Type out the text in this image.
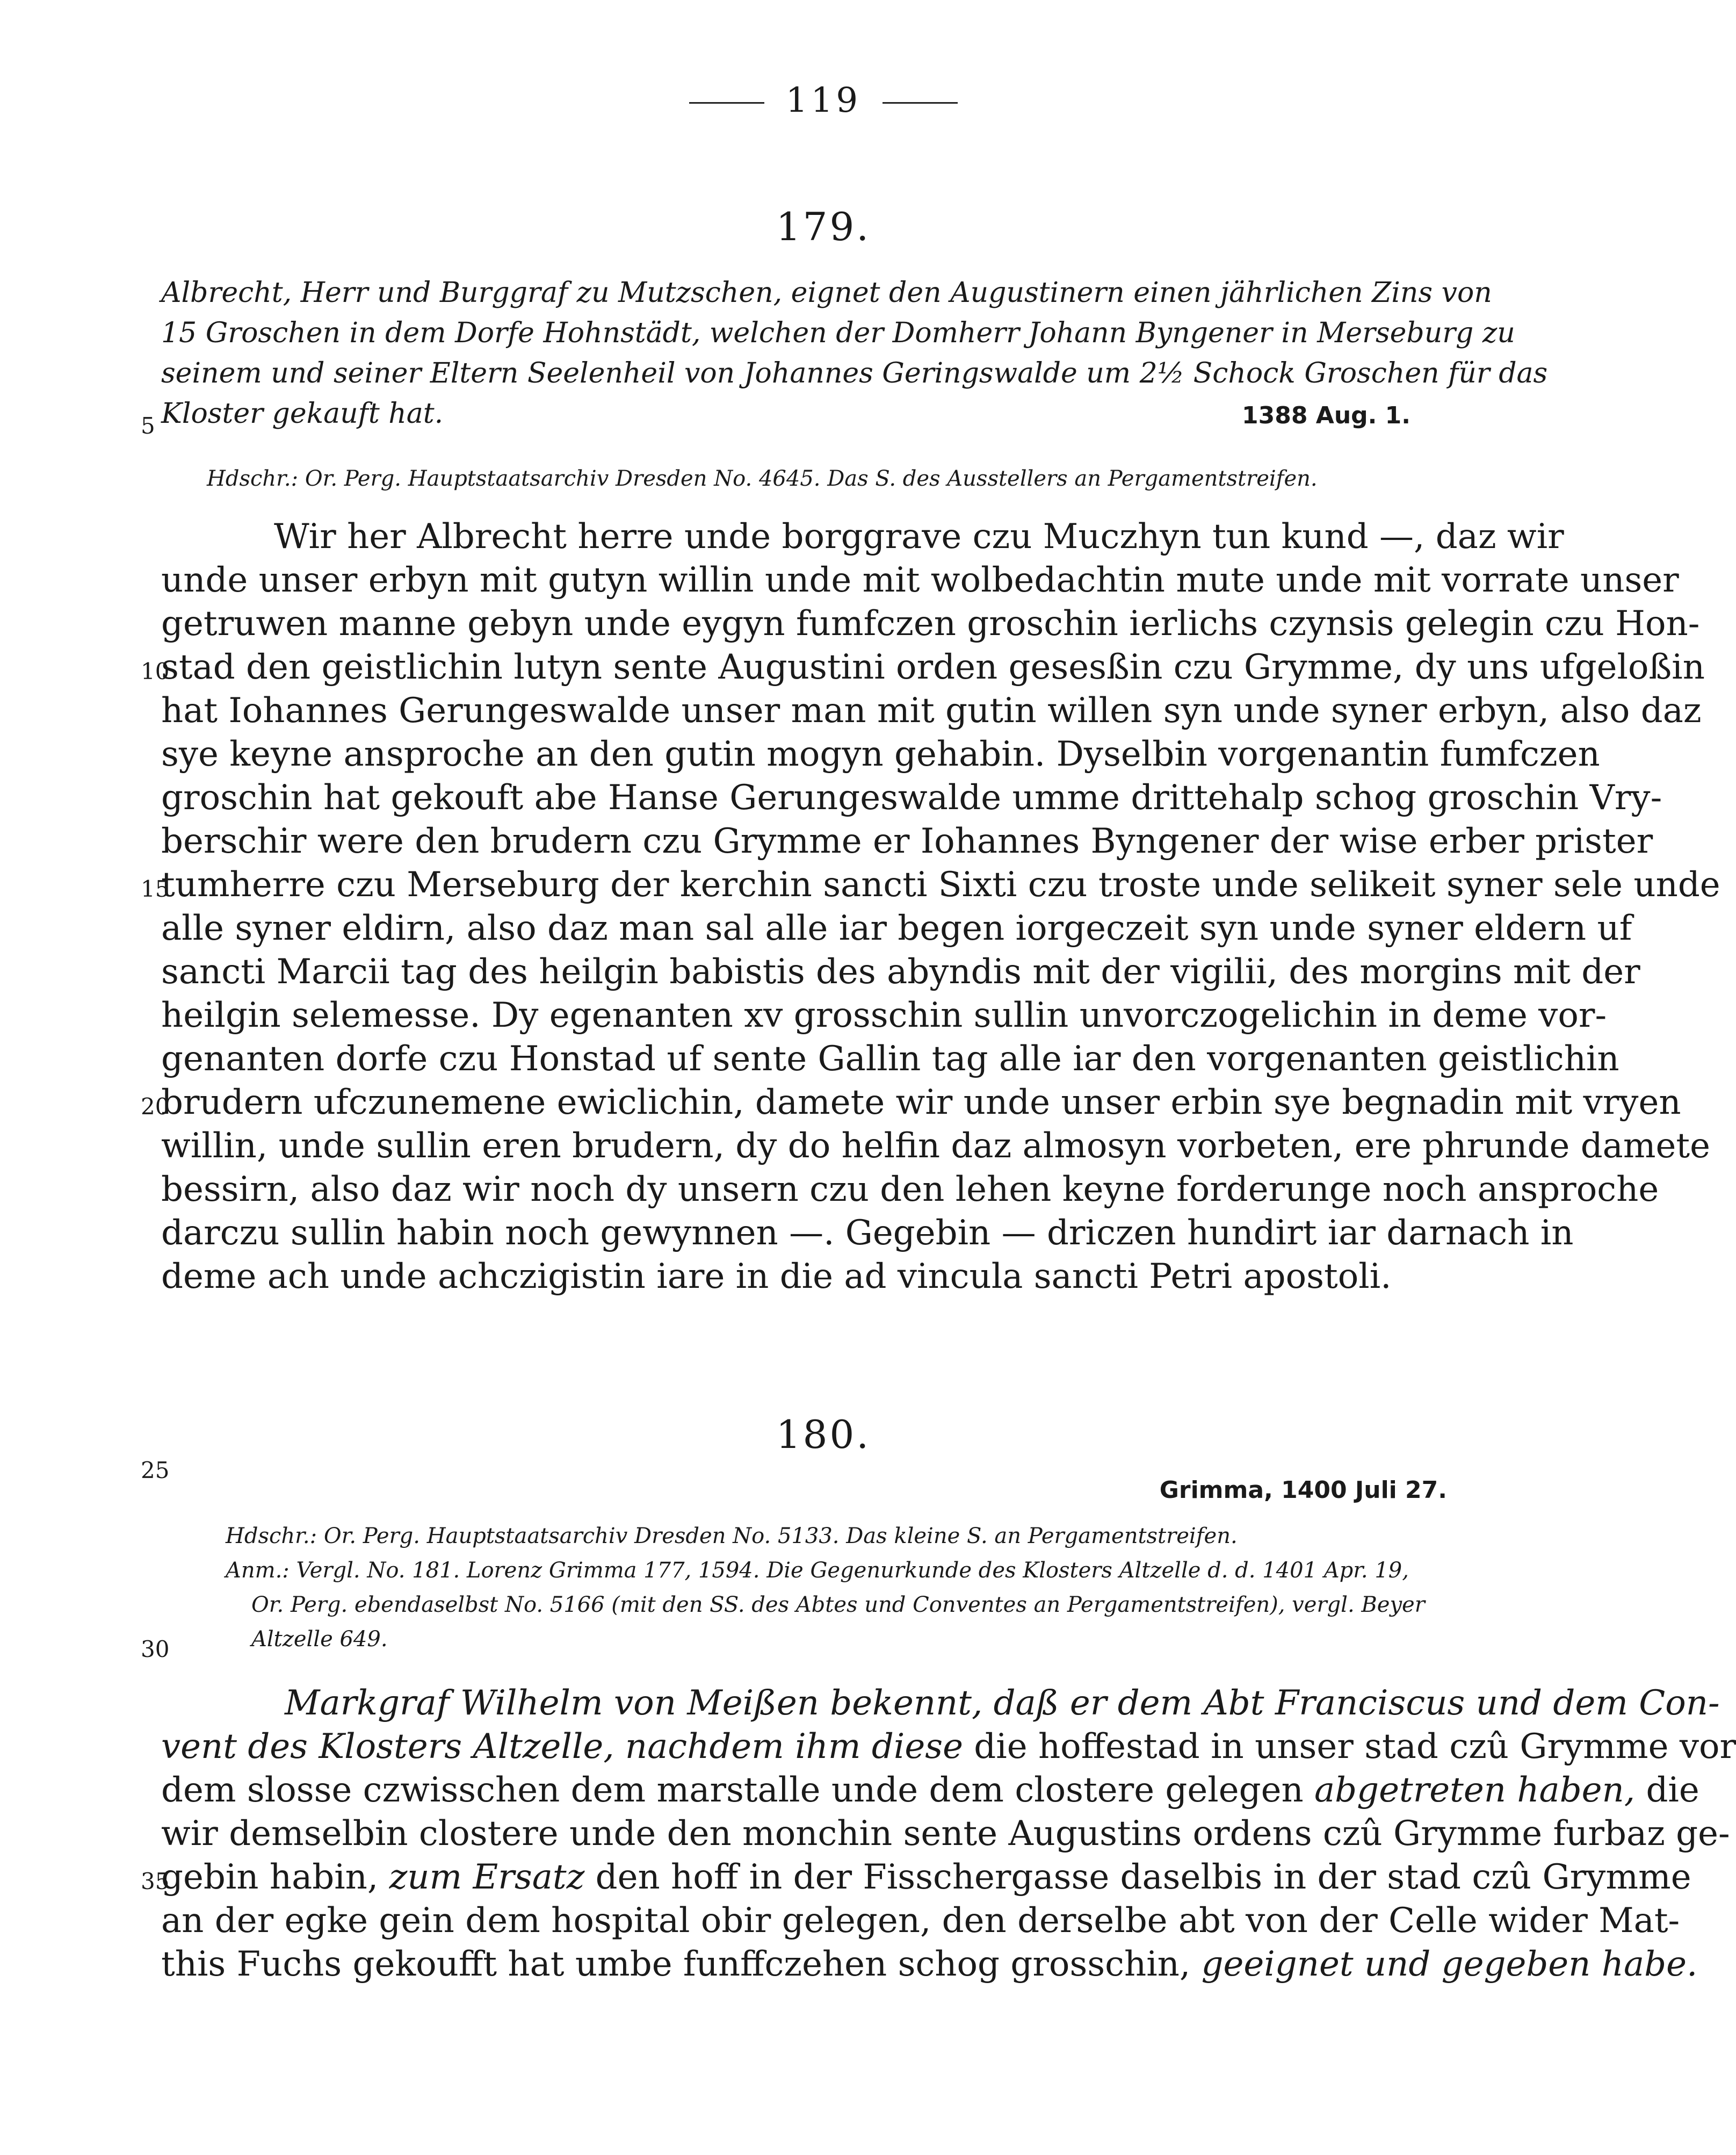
119
179.
Albrecht, Herr und Burggraf zu Mutzschen, eignet den Augustinern einen jährlichen Zins von
15 Groschen in dem Dorfe Hohnstädt, welchen der Domherr Johann Byngener in Merseburg zu
seinem und seiner Eltern Seelenheil von Johannes Geringswalde um 2½ Schock Groschen für das
Kloster gekauft hat.	1388 Aug. 1.
Hdschr.: Or. Perg. Hauptstaatsarchiv Dresden No. 4645. Das S. des Ausstellers an Pergamentstreifen.
Wir her Albrecht herre unde borggrave czu Muczhyn tun kund —, daz wir
unde unser erbyn mit gutyn willin unde mit wolbedachtin mute unde mit vorrate unser
getruwen manne gebyn unde eygyn fumfczen groschin ierlichs czynsis gelegin czu Hon-
stad den geistlichin lutyn sente Augustini orden gesesßin czu Grymme, dy uns ufgeloßin
hat Iohannes Gerungeswalde unser man mit gutin willen syn unde syner erbyn, also daz
sye keyne ansproche an den gutin mogyn gehabin. Dyselbin vorgenantin fumfczen
groschin hat gekouft abe Hanse Gerungeswalde umme drittehalp schog groschin Vry-
berschir were den brudern czu Grymme er Iohannes Byngener der wise erber prister
tumherre czu Merseburg der kerchin sancti Sixti czu troste unde selikeit syner sele unde
alle syner eldirn, also daz man sal alle iar begen iorgeczeit syn unde syner eldern uf
sancti Marcii tag des heilgin babistis des abyndis mit der vigilii, des morgins mit der
heilgin selemesse. Dy egenanten xv grosschin sullin unvorczogelichin in deme vor-
genanten dorfe czu Honstad uf sente Gallin tag alle iar den vorgenanten geistlichin
brudern ufczunemene ewiclichin, damete wir unde unser erbin sye begnadin mit vryen
willin, unde sullin eren brudern, dy do helfin daz almosyn vorbeten, ere phrunde damete
bessirn, also daz wir noch dy unsern czu den lehen keyne forderunge noch ansproche
darczu sullin habin noch gewynnen —. Gegebin — driczen hundirt iar darnach in
deme ach unde achczigistin iare in die ad vincula sancti Petri apostoli.
180.
Grimma, 1400 Juli 27.
Hdschr.: Or. Perg. Hauptstaatsarchiv Dresden No. 5133. Das kleine S. an Pergamentstreifen.
Anm.: Vergl. No. 181. Lorenz Grimma 177, 1594. Die Gegenurkunde des Klosters Altzelle d. d. 1401 Apr. 19,
Or. Perg. ebendaselbst No. 5166 (mit den SS. des Abtes und Conventes an Pergamentstreifen), vergl. Beyer
Altzelle 649.
Markgraf Wilhelm von Meißen bekennt, daß er dem Abt Franciscus und dem Con-
vent des Klosters Altzelle, nachdem ihm diese die hoffestad in unser stad czû Grymme vor
dem slosse czwisschen dem marstalle unde dem clostere gelegen abgetreten haben, die
wir demselbin clostere unde den monchin sente Augustins ordens czû Grymme furbaz ge-
gebin habin, zum Ersatz den hoff in der Fisschergasse daselbis in der stad czû Grymme
an der egke gein dem hospital obir gelegen, den derselbe abt von der Celle wider Mat-
this Fuchs gekoufft hat umbe funffczehen schog grosschin, geeignet und gegeben habe.
5
10
15
20
25
30
35
